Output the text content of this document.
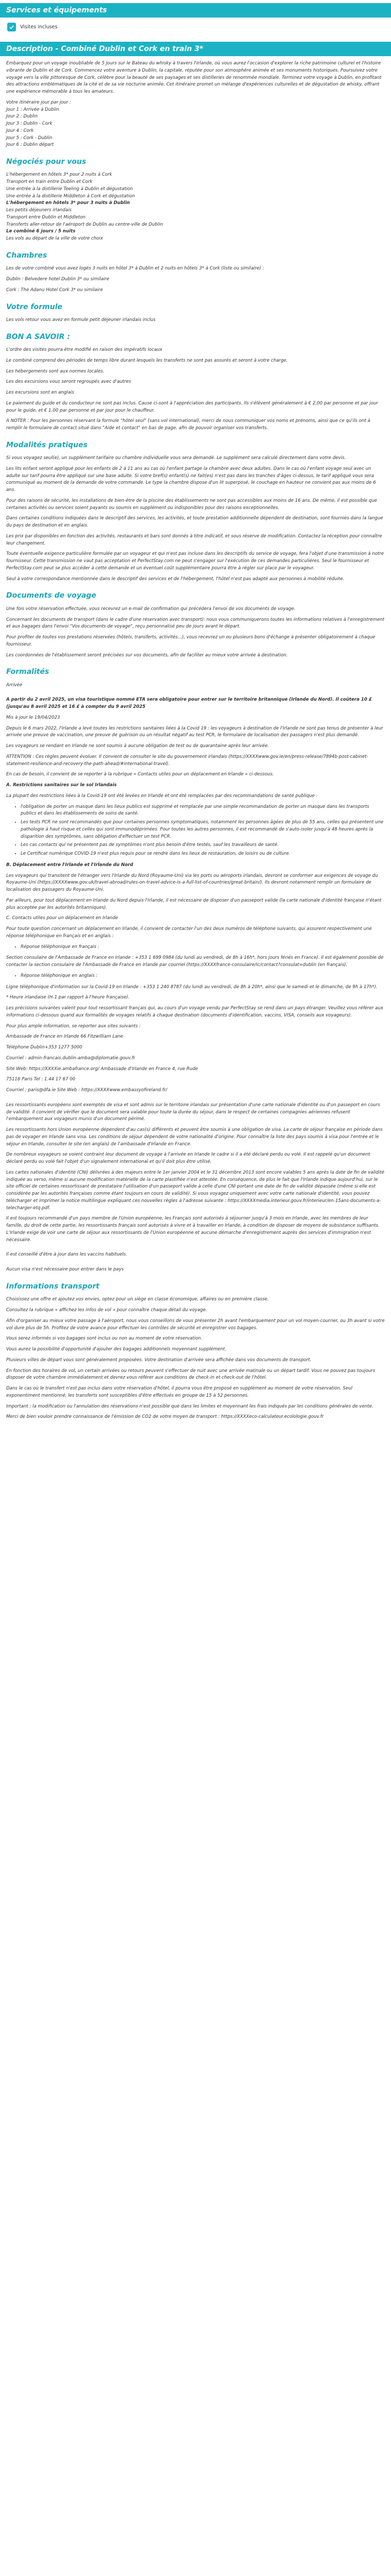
Services et équipements
Visites incluses
Description - Combiné Dublin et Cork en train 3*

Embarquez pour un voyage inoubliable de 5 jours sur le Bateau du whisky à travers l'Irlande, où vous aurez l'occasion d'explorer la riche patrimoine culturel et l'histoire vibrante de Dublin et de Cork. Commencez votre aventure à Dublin, la capitale, réputée pour son atmosphère animée et ses monuments historiques. Poursuivez votre voyage vers la ville pittoresque de Cork, célèbre pour la beauté de ses paysages et ses distilleries de renommée mondiale. Terminez votre voyage à Dublin, en profitant des attractions emblématiques de la cité et de sa vie nocturne animée. Cet itinéraire promet un mélange d'expériences culturelles et de dégustation de whisky, offrant une expérience mémorable à tous les amateurs.

Votre itinéraire jour par jour :
Jour 1 : Arrivée à Dublin
Jour 2 : Dublin
Jour 3 : Dublin - Cork
Jour 4 : Cork
Jour 5 : Cork - Dublin
Jour 6 : Dublin départ
Négociés pour vous
L'hébergement en hôtels 3* pour 2 nuits à Cork
Transport en train entre Dublin et Cork
Une entrée à la distillerie Teeling à Dublin et dégustation
Une entrée à la distillerie Middleton à Cork et dégustation
L'hébergement en hôtels 3* pour 3 nuits à Dublin
Les petits-déjeuners irlandais
Transport entre Dublin et Middleton
Transferts aller-retour de l'aéroport de Dublin au centre-ville de Dublin
Le combiné 6 jours / 5 nuits
Les vols au départ de la ville de votre choix
Chambres

Les de votre combiné vous avez logés 3 nuits en hôtel 3* à Dublin et 2 nuits en hôtels 3* à Cork (liste ou similaire) :

Dublin : Belvedere hotel Dublin 3* ou similaire

Cork : The Adanu Hotel Cork 3* ou similaire

Votre formule

Les vols retour vous avez en formule petit déjeuner irlandais inclus

BON A SAVOIR :

L'ordre des visites pourra être modifié en raison des impératifs locaux

Le combiné comprend des périodes de temps libre durant lesquels les transferts ne sont pas assurés et seront à votre charge.

Les hébergements sont aux normes locales.

Les des excursions vous seront regroupés avec d'autres

Les excursions sont en anglais

Le paiement du guide et du conducteur ne sont pas inclus. Cause ci-sont à l'appréciation des participants. Ils s'élèvent généralement à € 2,00 par personne et par jour pour le guide, et € 1,00 par personne et par jour pour le chauffeur.

A NOTER : Pour les personnes réservant la formule "hôtel seul" (sans vol international), merci de nous communiquer vos noms et prénoms, ainsi que ce qu'ils ont à remplir le formulaire de contact situé dans "Aide et contact" en bas de page, afin de pouvoir organiser vos transferts.

Modalités pratiques

Si vous voyagez seul(e), un supplément tarifaire ou chambre individuelle vous sera demandé. Le supplément sera calculé directement dans votre devis.

Les lits enfant seront appliqué pour les enfants de 2 à 11 ans au cas où l'enfant partage la chambre avec deux adultes. Dans le cas où l'enfant voyage seul avec un adulte sur tarif pourra être appliqué sur une base adulte. Si votre bref(s) enfant(s) ne fait(es) n'est pas dans les tranches d'âges ci-dessus, le tarif appliqué vous sera communiqué au moment de la demande de votre commande. Le type la chambre dispose d'un lit superposé, le couchage en hauteur ne convient pas aux moins de 6 ans.

Pour des raisons de sécurité, les installations de bien-être de la piscine des établissements ne sont pas accessibles aux moins de 16 ans. De même, il est possible que certaines activités ou services soient payants ou soumis en supplément ou indisponibles pour des raisons exceptionnelles.

Dans certaines conditions indiquées dans le descriptif des services, les activités, et toute prestation additionnelle dépendent de destination, sont fournies dans la langue du pays de destination et en anglais.

Les prix par disponibles en fonction des activités, restaurants et bars sont donnés à titre indicatif, et sous réserve de modification. Contactez la réception pour connaître leur changement.

Toute éventuelle exigence particulière formulée par un voyageur et qui n'est pas incluse dans les descriptifs du service de voyage, fera l'objet d'une transmission à notre fournisseur. Cette transmission ne vaut pas acceptation et PerfectStay.com ne peut s'engager sur l'exécution de ces demandes particulières. Seul le fournisseur et PerfectStay.com peut se plus accéder à cette demande et un éventuel coût supplémentaire pourra être à régler sur place par le voyageur.

Seul à votre correspondance mentionnée dans le descriptif des services et de l'hébergement, l'hôtel n'est pas adapté aux personnes à mobilité réduite.

Documents de voyage

Une fois votre réservation effectuée, vous recevrez un e-mail de confirmation qui précédera l'envoi de vos documents de voyage.

Concernant les documents de transport (dans le cadre d'une réservation avec transport): nous vous communiquerons toutes les informations relatives à l'enregistrement et aux bagages dans l'envoi "Vos documents de voyage", reçu personnalisé peu de jours avant le départ.

Pour profiter de toutes vos prestations réservées (hôtels, transferts, activités...), vous recevrez un ou plusieurs bons d'échange à présenter obligatoirement à chaque fournisseur.

Les coordonnées de l'établissement seront précisées sur vos documents, afin de faciliter au mieux votre arrivée à destination.

Formalités

Arrivée

A partir du 2 avril 2025, un visa touristique nommé ETA sera obligatoire pour entrer sur le territoire britannique (Irlande du Nord). Il coûtera 10 £ (jusqu'au 8 avril 2025 et 16 £ à compter du 9 avril 2025

Mis à jour le 19/04/2023

Depuis le 6 mars 2022, l'Irlande a levé toutes les restrictions sanitaires liées à la Covid 19 : les voyageurs à destination de l'Irlande ne sont pas tenus de présenter à leur arrivée une preuve de vaccination, une preuve de guérison ou un résultat négatif au test PCR, le formulaire de localisation des passagers n'est plus demandé.

Les voyageurs se rendant en Irlande ne sont soumis à aucune obligation de test ou de quarantaine après leur arrivée.

ATTENTION : Ces règles peuvent évoluer. Il convient de consulter le site du gouvernement irlandais (https://XXXXwww.gov.ie/en/press-release/7894b-post-cabinet-statement-resilience-and-recovery-the-path-ahead/#international-travel).

En cas de besoin, il convient de se reporter à la rubrique « Contacts utiles pour un déplacement en Irlande » ci-dessous.

A. Restrictions sanitaires sur le sol Irlandais

La plupart des restrictions liées à la Covid-19 ont été levées en Irlande et ont été remplacées par des recommandations de santé publique :

• l'obligation de porter un masque dans les lieux publics est supprimé et remplacée par une simple recommandation de porter un masque dans les transports publics et dans les établissements de soins de santé.
• Les tests PCR ne sont recommandés que pour certaines personnes symptomatiques, notamment les personnes âgées de plus de 55 ans, celles qui présentent une pathologie à haut risque et celles qui sont immunodéprimées. Pour toutes les autres personnes, il est recommandé de s'auto-isoler jusqu'à 48 heures après la disparition des symptômes, sans obligation d'effectuer un test PCR.
• Les cas contacts qui ne présentent pas de symptômes n'ont plus besoin d'être testés, sauf les travailleurs de santé.
• Le Certificat numérique COVID-19 n'est plus requis pour se rendre dans les lieux de restauration, de loisirs ou de culture.

B. Déplacement entre l'Irlande et l'Irlande du Nord

Les voyageurs qui transitent de l'étranger vers l'Irlande du Nord (Royaume-Uni) via les ports ou aéroports irlandais, devront se conformer aux exigences de voyage du Royaume-Uni (https://XXXXwww.gov.uk/travel-abroad/rules-on-travel-advice-is-a-full-list-of-countries/great-britain/). Ils devront notamment remplir un formulaire de localisation des passagers du Royaume-Uni.

Par ailleurs, pour tout déplacement en Irlande du Nord depuis l'Irlande, il est nécessaire de disposer d'un passeport valide (la carte nationale d'identité française n'étant plus acceptée par les autorités britanniques).

C. Contacts utiles pour un déplacement en Irlande

Pour toute question concernant un déplacement en Irlande, il convient de contacter l'un des deux numéros de téléphone suivants, qui assurent respectivement une réponse téléphonique en français et en anglais :

• Réponse téléphonique en français :

Section consulaire de l'Ambassade de France en Irlande : +353 1 699 0984 (du lundi au vendredi, de 8h à 16h*, hors jours fériés en France). Il est également possible de contacter la section consulaire de l'Ambassade de France en Irlande par courriel (https://XXXXfrance-consulaire/ic/contact?consulat=dublin (en français).

• Réponse téléphonique en anglais :

Ligne téléphonique d'information sur la Covid-19 en Irlande : +353 1 240 8787 (du lundi au vendredi, de 8h à 20h*, ainsi que le samedi et le dimanche, de 9h à 17h*).

* Heure irlandaise (H-1 par rapport à l'heure française).

Les précisions suivantes valent pour tout ressortissant français qui, au cours d'un voyage vendu par PerfectStay se rend dans un pays étranger. Veuillez vous référer aux informations ci-dessous quand aux formalités de voyages relatifs à chaque destination (documents d'identification, vaccins, VISA, conseils aux voyageurs).

Pour plus ample information, se reporter aux sites suivants :

Ambassade de France en Irlande 66 Fitzwilliam Lane

Téléphone Dublin+353 1277 5000

Courriel : admin-francais.dublin-amba@diplomatie.gouv.fr

Site Web: https://XXXXie.ambafrance.org/ Ambassade d'Irlande en France 4, rue Rude

75116 Paris Tel : 1.44 17 67 00

Courriel : paris@dfa.ie Site Web : https://XXXXwww.embassyofireland.fr/

Les ressortissants européens sont exemptés de visa et sont admis sur le territoire irlandais sur présentation d'une carte nationale d'identité ou d'un passeport en cours de validité. Il convient de vérifier que le document sera valable pour toute la durée du séjour, dans le respect de certaines compagnies aériennes refusent l'embarquement aux voyageurs munis d'un document périmé.

Les ressortissants hors Union européenne dépendent d'au cas(s) différents et peuvent être soumis à une obligation de visa. La carte de séjour française en période dans pas de voyager en Irlande sans visa. Les conditions de séjour dépendent de votre nationalité d'origine. Pour connaître la liste des pays soumis à visa pour l'entrée et le séjour en Irlande, consulter le site (en anglais) de l'ambassade d'Irlande en France.

De nombreux voyageurs se voient contraint leur document de voyage à l'arrivée en Irlande le cadre si il a été déclaré perdu ou volé. Il est rappelé qu'un document déclaré perdu ou volé fait l'objet d'un signalement international et qu'il doit plus être utilisé.

Les cartes nationales d'identité (CNI) délivrées à des majeurs entre le 1er janvier 2004 et le 31 décembre 2013 sont encore valables 5 ans après la date de fin de validité indiquée au verso, même si aucune modification matérielle de la carte plastifiée n'est attestée. En conséquence, de plus le fait que l'Irlande indique aujourd'hui, sur le site officiel de certaines ressortissant de prestataire l'utilisation d'un passeport valide à celle d'une CNI portant une date de fin de validité dépassée (même si elle est considérée par les autorités françaises comme étant toujours en cours de validité). Si vous voyagez uniquement avec votre carte nationale d'identité, vous pouvez télécharger et imprimer la notice multilingue expliquant ces nouvelles règles à l'adresse suivante : https://XXXXmedia.interieur.gouv.fr/interieur/en-15ans-documents-a-telecharger-etq.pdf.

Il est toujours recommandé d'un pays membre de l'Union européenne, les Français sont autorisés à séjourner jusqu'à 3 mois en Irlande, avec les membres de leur famille, du droit de cette partie, les ressortissants français sont autorisés à vivre et à travailler en Irlande, à condition de disposer de moyens de subsistance suffisants. L'Irlande exige de voir une carte de séjour aux ressortissants de l'Union européenne et aucune démarche d'enregistrement auprès des services d'immigration n'est nécessaire.

Il est conseillé d'être à jour dans les vaccins habituels.

Aucun visa n'est nécessaire pour entrer dans le pays

Informations transport

Choisissez une offre et ajoutez vos envies, optez pour un siège en classe économique, affaires ou en première classe.

Consultez la rubrique « affichez les infos de vol » pour connaître chaque détail du voyage.

Afin d'organiser au mieux votre passage à l'aéroport, nous vous conseillons de vous présenter 2h avant l'embarquement pour un vol moyen-courrier, ou 3h avant si votre vol dure plus de 5h. Profitez de votre avance pour effectuer les contrôles de sécurité et enregistrer vos bagages.

Vous serez informés si vos bagages sont inclus ou non au moment de votre réservation.

Vous aurez la possibilité d'opportunité d'ajouter des bagages additionnels moyennant supplément.

Plusieurs villes de départ vous sont généralement proposées. Votre destination d'arrivée sera affichée dans vos documents de transport.

En fonction des horaires de vol, un certain arrivées ou retours peuvent s'effectuer de nuit avec une arrivée matinale ou un départ tardif. Vous ne pouvez pas toujours disposer de votre chambre immédiatement et devrez vous référer aux conditions de check-in et check-out de l'hôtel.

Dans le cas où le transfert n'est pas inclus dans votre réservation d'hôtel, il pourra vous être proposé en supplément au moment de votre réservation. Seul exponentiment mentionné, les transferts sont susceptibles d'être effectués en groupe de 15 à 52 personnes.

Important : la modification ou l'annulation des réservations n'est possible que dans les limites et moyennant les frais indiqués par les conditions générales de vente.

Merci de bien vouloir prendre connaissance de l'émission de CO2 de votre moyen de transport : https://XXXXeco-calculateur.ecolologie.gouv.fr
